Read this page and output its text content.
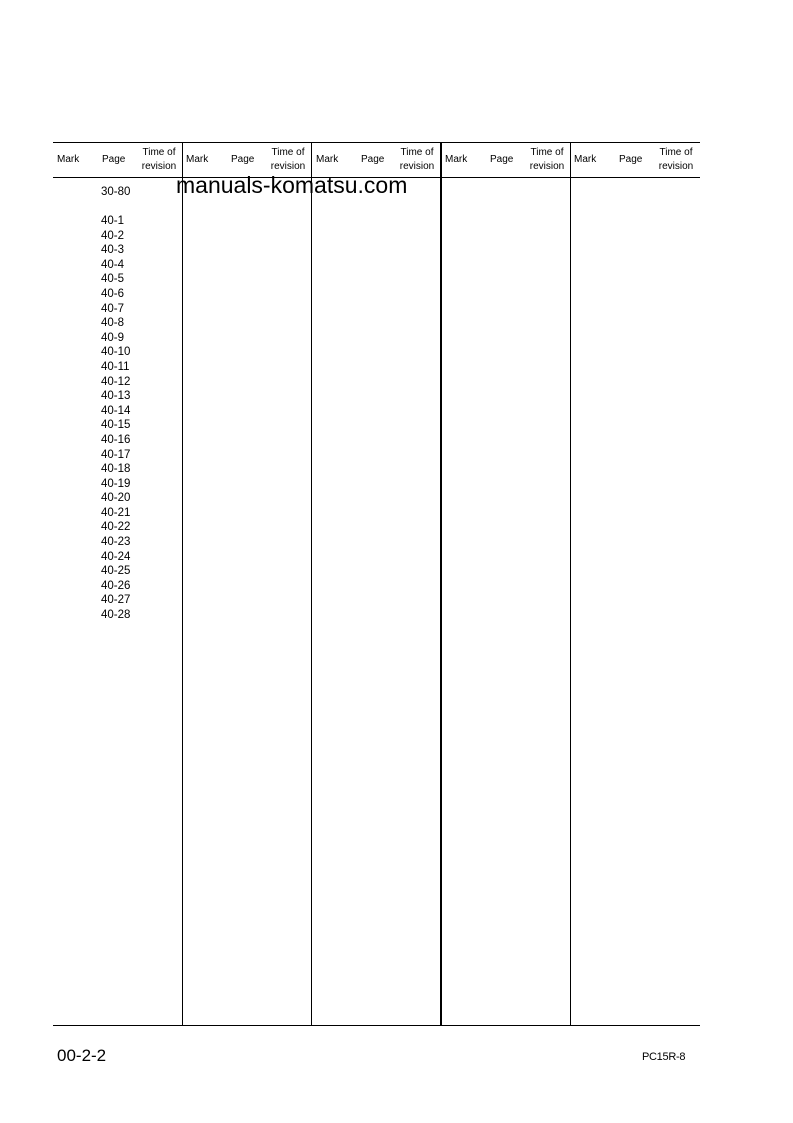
Mark Page
Time of
revision
Mark Page
Time of
revision
Mark Page
Time of
revision
Mark Page
Time of
revision
Mark Page
Time of
revision
30-80
40-1
40-2
40-3
40-4
40-5
40-6
40-7
40-8
40-9
40-10
40-11
40-12
40-13
40-14
40-15
40-16
40-17
40-18
40-19
40-20
40-21
40-22
40-23
40-24
40-25
40-26
40-27
40-28
manuals-komatsu.com
00-2-2	PC15R-8
